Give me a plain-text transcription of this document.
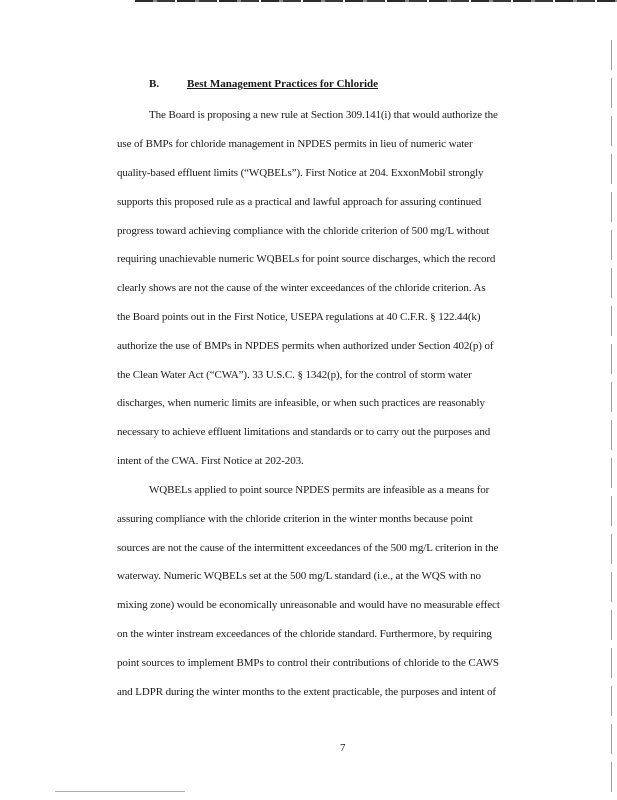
B.	Best Management Practices for Chloride
The Board is proposing a new rule at Section 309.141(i) that would authorize the
use of BMPs for chloride management in NPDES permits in lieu of numeric water
quality-based effluent limits (“WQBELs”). First Notice at 204. ExxonMobil strongly
supports this proposed rule as a practical and lawful approach for assuring continued
progress toward achieving compliance with the chloride criterion of 500 mg/L without
requiring unachievable numeric WQBELs for point source discharges, which the record
clearly shows are not the cause of the winter exceedances of the chloride criterion. As
the Board points out in the First Notice, USEPA regulations at 40 C.F.R. § 122.44(k)
authorize the use of BMPs in NPDES permits when authorized under Section 402(p) of
the Clean Water Act (“CWA”). 33 U.S.C. § 1342(p), for the control of storm water
discharges, when numeric limits are infeasible, or when such practices are reasonably
necessary to achieve effluent limitations and standards or to carry out the purposes and
intent of the CWA. First Notice at 202-203.
WQBELs applied to point source NPDES permits are infeasible as a means for
assuring compliance with the chloride criterion in the winter months because point
sources are not the cause of the intermittent exceedances of the 500 mg/L criterion in the
waterway. Numeric WQBELs set at the 500 mg/L standard (i.e., at the WQS with no
mixing zone) would be economically unreasonable and would have no measurable effect
on the winter instream exceedances of the chloride standard. Furthermore, by requiring
point sources to implement BMPs to control their contributions of chloride to the CAWS
and LDPR during the winter months to the extent practicable, the purposes and intent of
7
